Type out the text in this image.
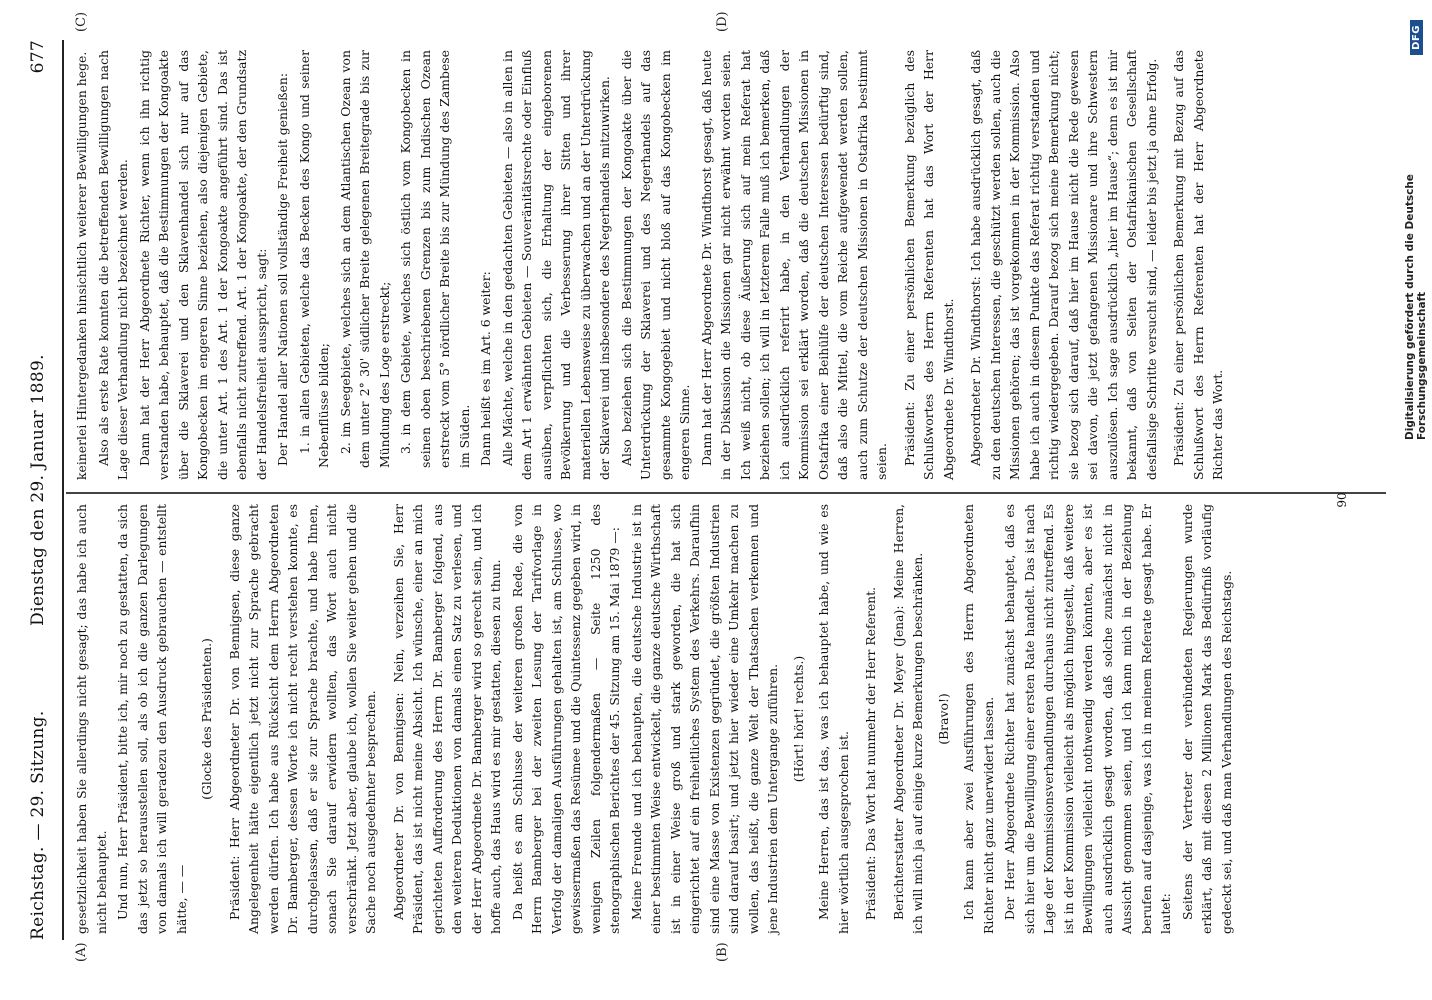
Reichstag. — 29. Sitzung.
Dienstag den 29. Januar 1889.
677
(A)	(B)
(C)	(D)

gesetzlichkeit haben Sie allerdings nicht gesagt; das habe ich auch nicht behauptet. Und nun, Herr Präsident, bitte ich, mir noch zu gestatten, da sich das jetzt so herausstellen soll, als ob ich die ganzen Darlegungen von damals ich will geradezu den Ausdruck gebrauchen — entstellt hätte, — —

(Glocke des Präsidenten.) Präsident: Herr Abgeordneter Dr. von Bennigsen, diese ganze Angelegenheit hätte eigentlich jetzt nicht zur Sprache gebracht werden dürfen. Ich habe aus Rücksicht dem Herrn Abgeordneten Dr. Bamberger, dessen Worte ich nicht recht verstehen konnte, es durchgelassen, daß er sie zur Sprache brachte, und habe Ihnen, sonach Sie darauf erwidern wollten, das Wort auch nicht verschränkt. Jetzt aber, glaube ich, wollen Sie weiter gehen und die Sache noch ausgedehnter besprechen. Abgeordneter Dr. von Bennigsen: Nein, verzeihen Sie, Herr Präsident, das ist nicht meine Absicht. Ich wünsche, einer an mich gerichteten Aufforderung des Herrn Dr. Bamberger folgend, aus den weiteren Deduktionen von damals einen Satz zu verlesen, und der Herr Abgeordnete Dr. Bamberger wird so gerecht sein, und ich hoffe auch, das Haus wird es mir gestatten, diesen zu thun. Da heißt es am Schlusse der weiteren großen Rede, die von Herrn Bamberger bei der zweiten Lesung der Tarifvorlage in Verfolg der damaligen Ausführungen gehalten ist, am Schlusse, wo gewissermaßen das Resümee und die Quintessenz gegeben wird, in wenigen Zeilen folgendermaßen — Seite 1250 des stenographischen Berichtes der 45. Sitzung am 15. Mai 1879 —: Meine Freunde und ich behaupten, die deutsche Industrie ist in einer bestimmten Weise entwickelt, die ganze deutsche Wirthschaft ist in einer Weise groß und stark geworden, die hat sich eingerichtet auf ein freiheitliches System des Verkehrs. Daraufhin sind eine Masse von Existenzen gegründet, die größten Industrien sind darauf basirt; und jetzt hier wieder eine Umkehr machen zu wollen, das heißt, die ganze Welt der Thatsachen verkennen und jene Industrien dem Untergange zuführen. (Hört! hört! rechts.) Meine Herren, das ist das, was ich behauptet habe, und wie es hier wörtlich ausgesprochen ist. Präsident: Das Wort hat nunmehr der Herr Referent. Berichterstatter Abgeordneter Dr. Meyer (Jena): Meine Herren, ich will mich ja auf einige kurze Bemerkungen beschränken. (Bravo!) Ich kann aber zwei Ausführungen des Herrn Abgeordneten Richter nicht ganz unerwidert lassen. Der Herr Abgeordnete Richter hat zunächst behauptet, daß es sich hier um die Bewilligung einer ersten Rate handelt. Das ist nach Lage der Kommissionsverhandlungen durchaus nicht zutreffend. Es ist in der Kommission vielleicht als möglich hingestellt, daß weitere Bewilligungen vielleicht nothwendig werden könnten, aber es ist auch ausdrücklich gesagt worden, daß solche zunächst nicht in Aussicht genommen seien, und ich kann mich in der Beziehung berufen auf dasjenige, was ich in meinem Referate gesagt habe. Er lautet: Seitens der Vertreter der verbündeten Regierungen wurde erklärt, daß mit diesen 2 Millionen Mark das Bedürfniß vorläufig gedeckt sei, und daß man Verhandlungen des Reichstags.

keinerlei Hintergedanken hinsichtlich weiterer Bewilligungen hege. Also als erste Rate konnten die betreffenden Bewilligungen nach Lage dieser Verhandlung nicht bezeichnet werden. Dann hat der Herr Abgeordnete Richter, wenn ich ihn richtig verstanden habe, behauptet, daß die Bestimmungen der Kongoakte über die Sklaverei und den Sklavenhandel sich nur auf das Kongobecken im engeren Sinne beziehen, also diejenigen Gebiete, die unter Art. 1 des Art. 1 der Kongoakte angeführt sind. Das ist ebenfalls nicht zutreffend. Art. 1 der Kongoakte, der den Grundsatz der Handelsfreiheit ausspricht, sagt: Der Handel aller Nationen soll vollständige Freiheit genießen: 1. in allen Gebieten, welche das Becken des Kongo und seiner Nebenflüsse bilden; 2. im Seegebiete, welches sich an dem Atlantischen Ozean von dem unter 2° 30' südlicher Breite gelegenen Breitegrade bis zur Mündung des Loge erstreckt; 3. in dem Gebiete, welches sich östlich vom Kongobecken in seinen oben beschriebenen Grenzen bis zum Indischen Ozean erstreckt vom 5° nördlicher Breite bis zur Mündung des Zambese im Süden. Dann heißt es im Art. 6 weiter: Alle Mächte, welche in den gedachten Gebieten — also in allen in dem Art 1 erwähnten Gebieten — Souveränitätsrechte oder Einfluß ausüben, verpflichten sich, die Erhaltung der eingeborenen Bevölkerung und die Verbesserung ihrer Sitten und ihrer materiellen Lebensweise zu überwachen und an der Unterdrückung der Sklaverei und insbesondere des Negerhandels mitzuwirken. Also beziehen sich die Bestimmungen der Kongoakte über die Unterdrückung der Sklaverei und des Negerhandels auf das gesammte Kongogebiet und nicht bloß auf das Kongobecken im engeren Sinne. Dann hat der Herr Abgeordnete Dr. Windthorst gesagt, daß heute in der Diskussion die Missionen gar nicht erwähnt worden seien. Ich weiß nicht, ob diese Äußerung sich auf mein Referat hat beziehen sollen; ich will in letzterem Falle muß ich bemerken, daß ich ausdrücklich referirt habe, in den Verhandlungen der Kommission sei erklärt worden, daß die deutschen Missionen in Ostafrika einer Beihülfe der deutschen Interessen bedürftig sind, daß also die Mittel, die vom Reiche aufgewendet werden sollen, auch zum Schutze der deutschen Missionen in Ostafrika bestimmt seien. Präsident: Zu einer persönlichen Bemerkung bezüglich des Schlußwortes des Herrn Referenten hat das Wort der Herr Abgeordnete Dr. Windthorst. Abgeordneter Dr. Windthorst: Ich habe ausdrücklich gesagt, daß zu den deutschen Interessen, die geschützt werden sollen, auch die Missionen gehören; das ist vorgekommen in der Kommission. Also habe ich auch in diesem Punkte das Referat richtig verstanden und richtig wiedergegeben. Darauf bezog sich meine Bemerkung nicht; sie bezog sich darauf, daß hier im Hause nicht die Rede gewesen sei davon, die jetzt gefangenen Missionare und ihre Schwestern auszulösen. Ich sage ausdrücklich „hier im Hause“; denn es ist mir bekannt, daß von Seiten der Ostafrikanischen Gesellschaft desfallsige Schritte versucht sind, — leider bis jetzt ja ohne Erfolg. Präsident: Zu einer persönlichen Bemerkung mit Bezug auf das Schlußwort des Herrn Referenten hat der Herr Abgeordnete Richter das Wort.

90
Digitalisierung gefördert durch die Deutsche Forschungsgemeinschaft
DFG
